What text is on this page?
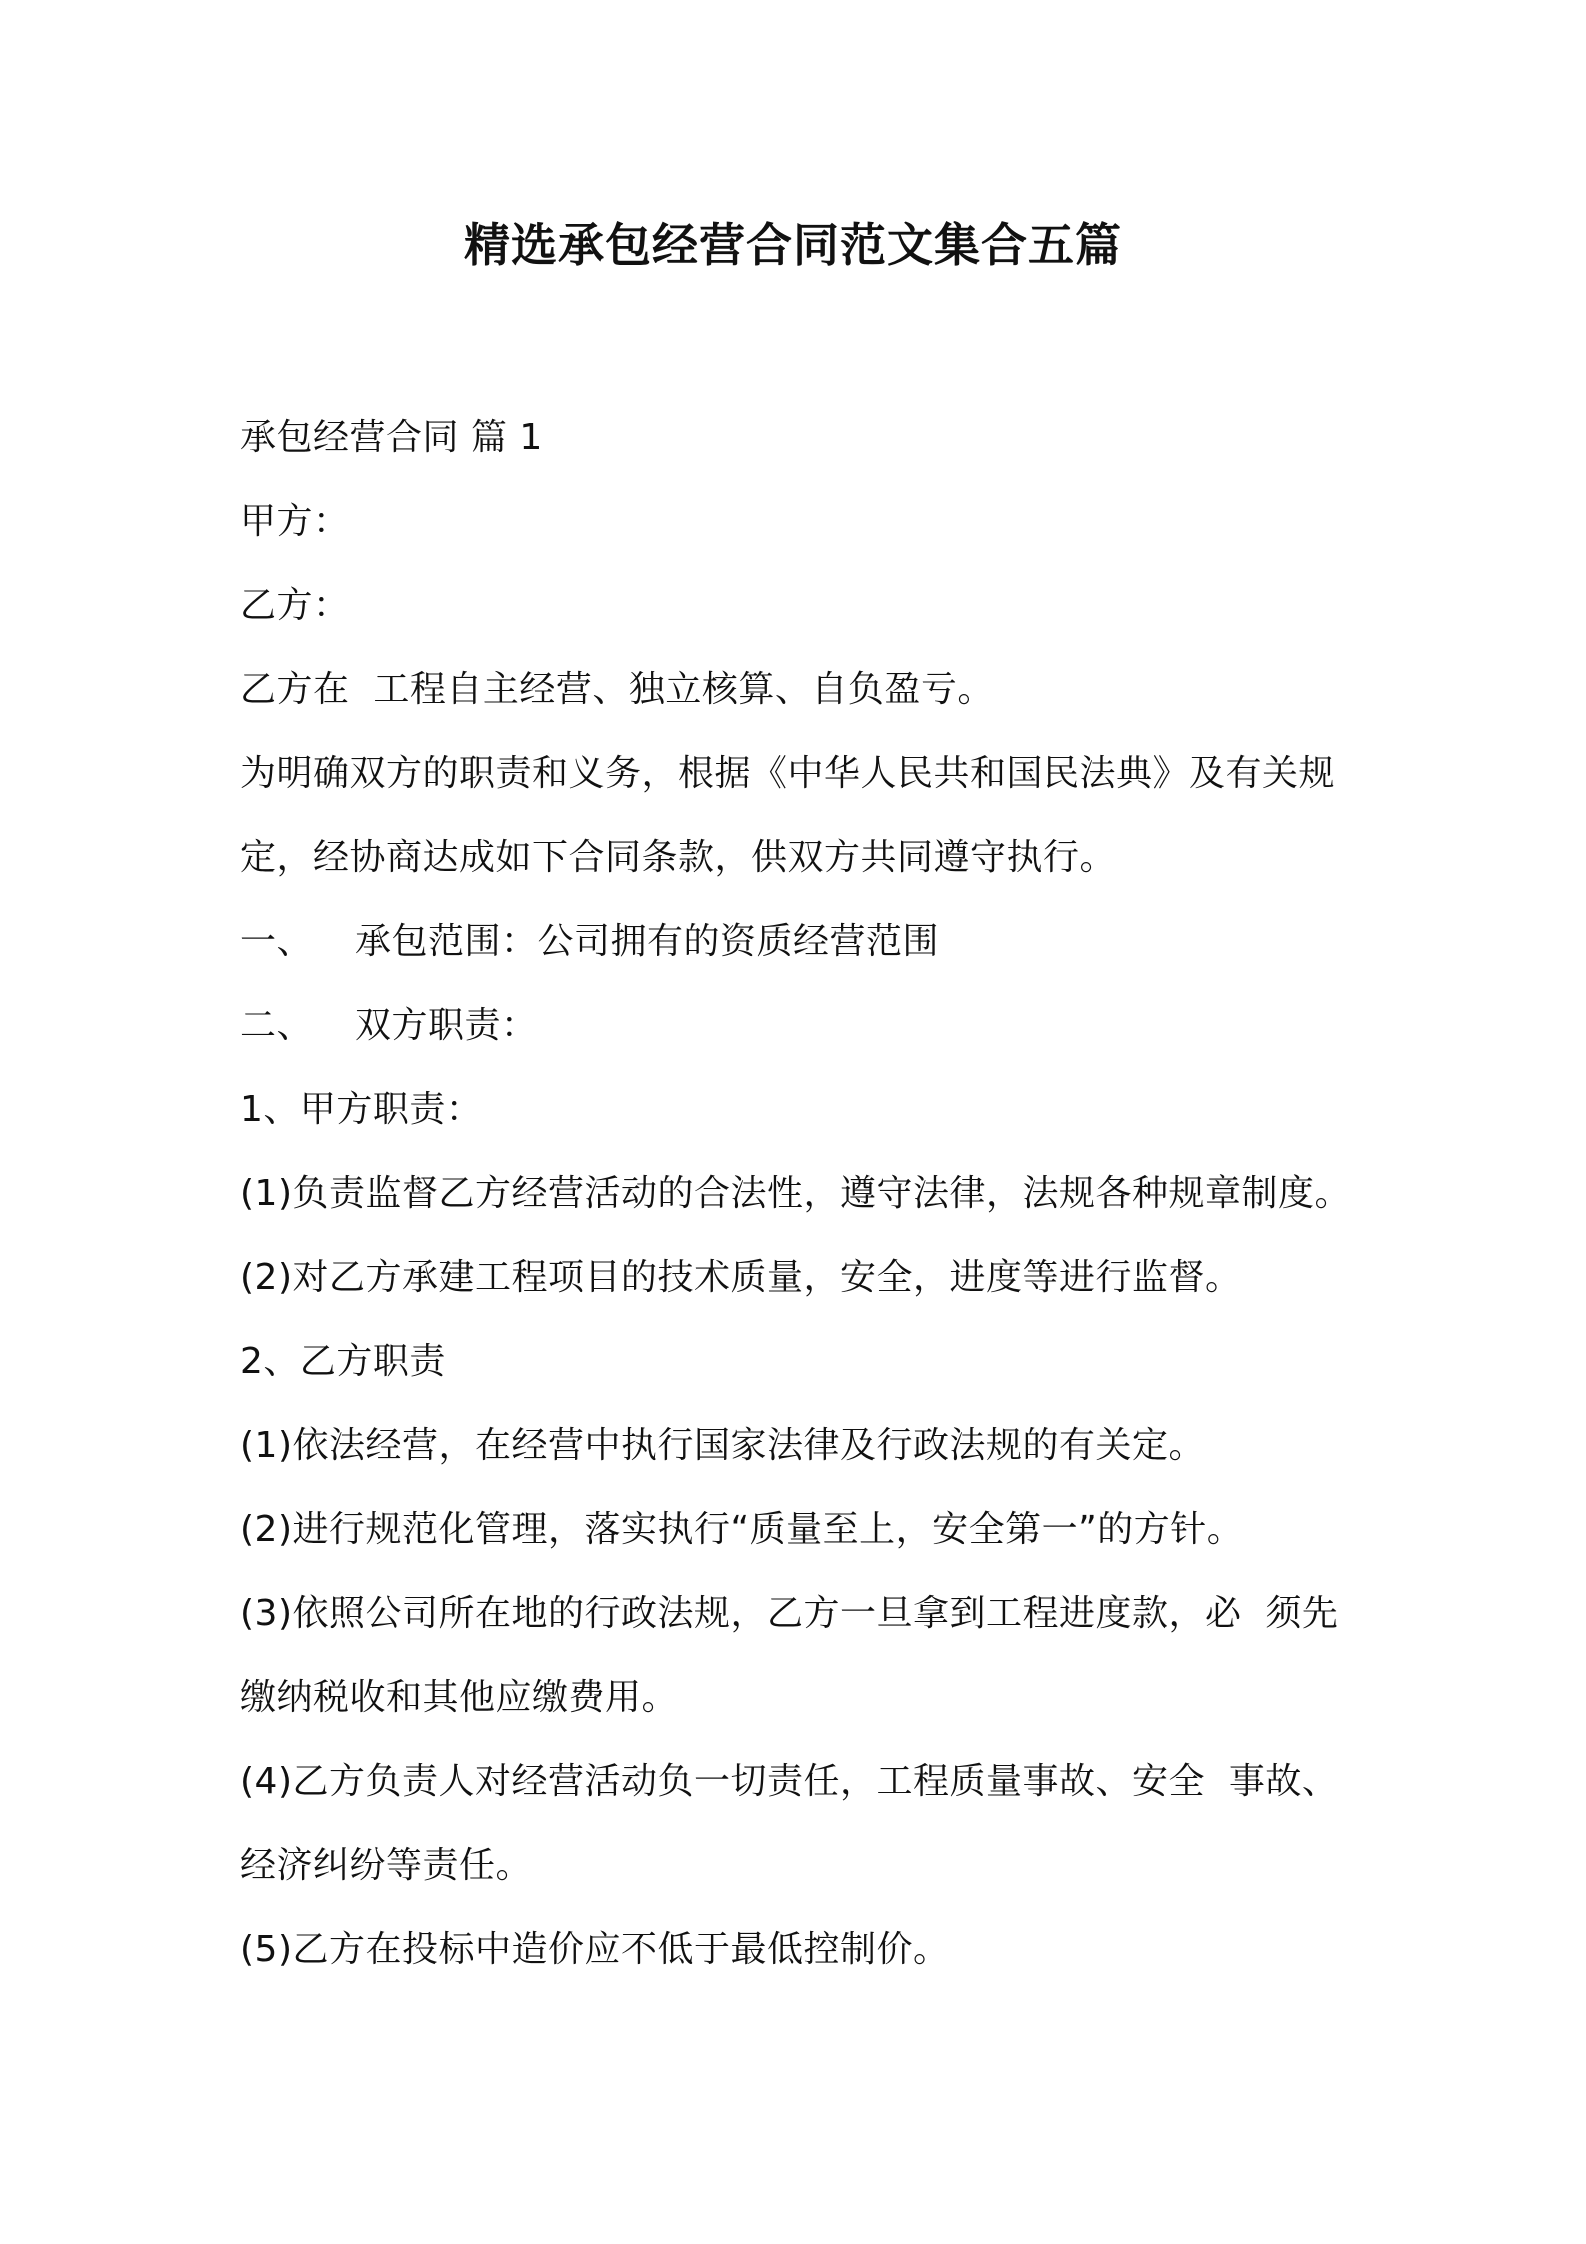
精选承包经营合同范文集合五篇
承包经营合同 篇 1
甲方：
乙方：
乙方在  工程自主经营、独立核算、自负盈亏。
为明确双方的职责和义务，根据《中华人民共和国民法典》及有关规
定，经协商达成如下合同条款，供双方共同遵守执行。
一、 承包范围：公司拥有的资质经营范围
二、 双方职责：
1、甲方职责：
(1)负责监督乙方经营活动的合法性，遵守法律，法规各种规章制度。
(2)对乙方承建工程项目的技术质量，安全，进度等进行监督。
2、乙方职责
(1)依法经营，在经营中执行国家法律及行政法规的有关定。
(2)进行规范化管理，落实执行“质量至上，安全第一”的方针。
(3)依照公司所在地的行政法规，乙方一旦拿到工程进度款，必  须先
缴纳税收和其他应缴费用。
(4)乙方负责人对经营活动负一切责任，工程质量事故、安全  事故、
经济纠纷等责任。
(5)乙方在投标中造价应不低于最低控制价。
